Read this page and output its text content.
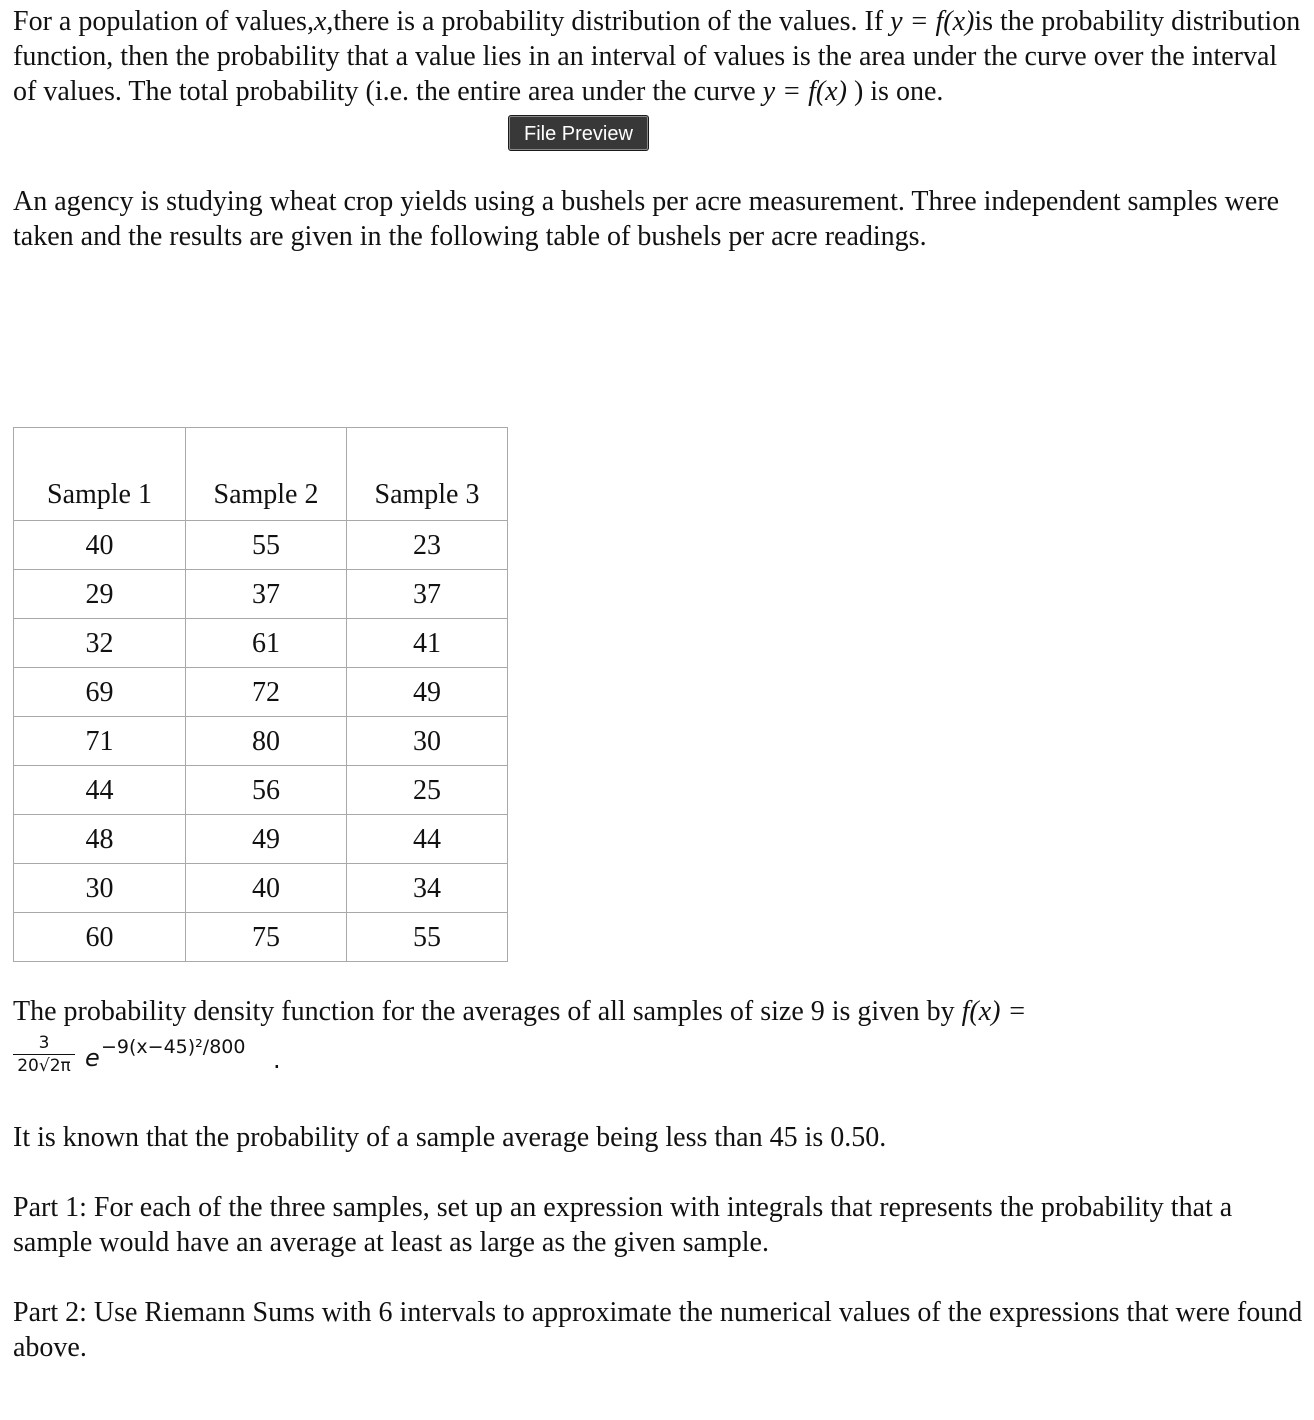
For a population of values,x,there is a probability distribution of the values. If y = f(x)is the probability distribution function, then the probability that a value lies in an interval of values is the area under the curve over the interval of values. The total probability (i.e. the entire area under the curve y = f(x) ) is one.

File Preview

An agency is studying wheat crop yields using a bushels per acre measurement. Three independent samples were taken and the results are given in the following table of bushels per acre readings.

Sample 1	Sample 2	Sample 3
40	55	23
29	37	37
32	61	41
69	72	49
71	80	30
44	56	25
48	49	44
30	40	34
60	75	55

The probability density function for the averages of all samples of size 9 is given by f(x) =

$\frac{3}{20√2\pi}$ e −9(x−45)²/800 .

It is known that the probability of a sample average being less than 45 is 0.50.

Part 1: For each of the three samples, set up an expression with integrals that represents the probability that a sample would have an average at least as large as the given sample.

Part 2: Use Riemann Sums with 6 intervals to approximate the numerical values of the expressions that were found above.
